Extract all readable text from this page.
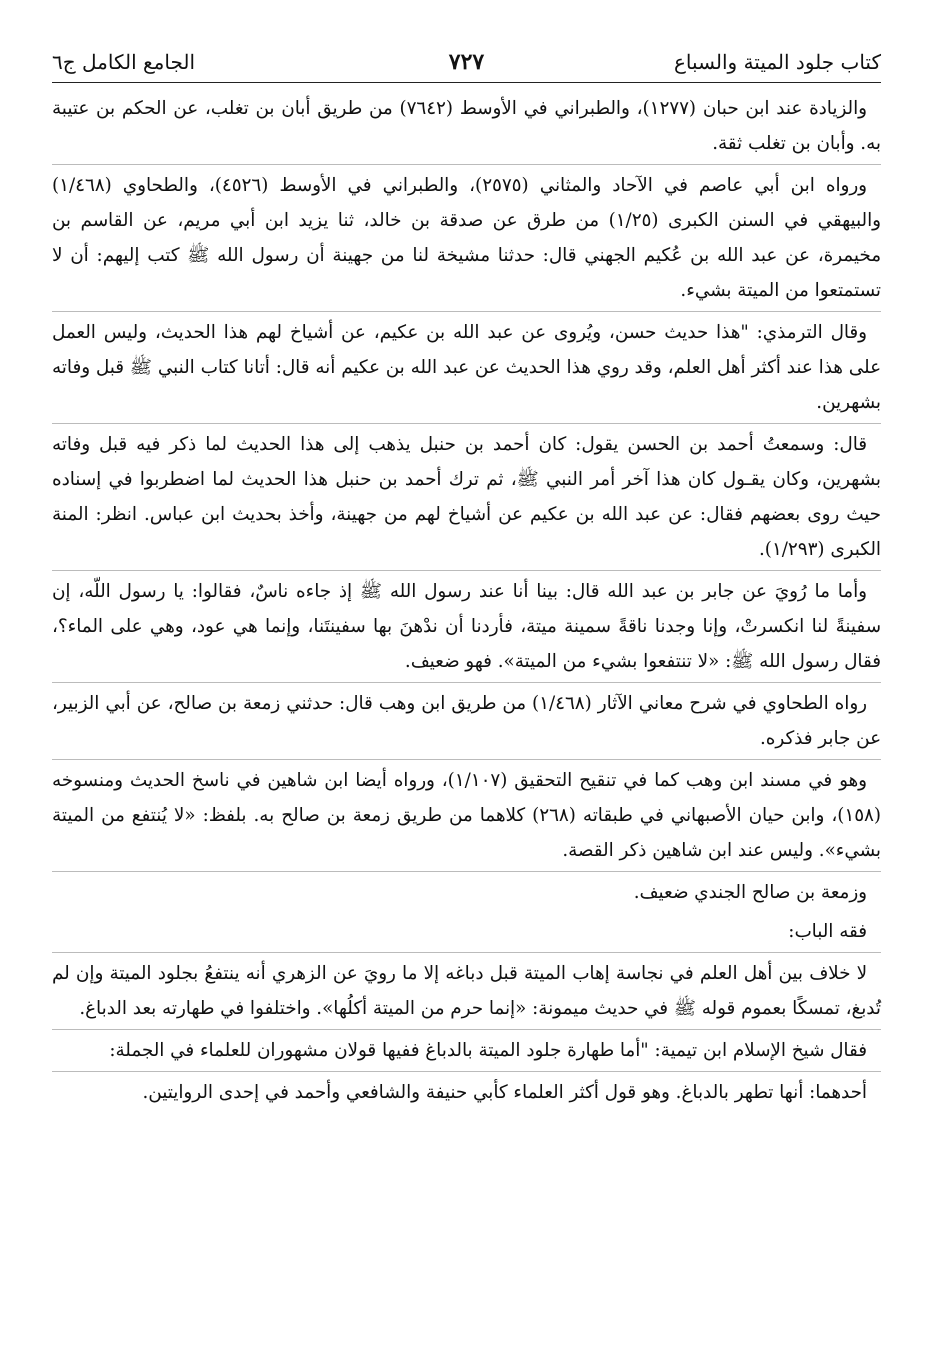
كتاب جلود الميتة والسباع
٧٢٧
الجامع الكامل ج٦

والزيادة عند ابن حبان (١٢٧٧)، والطبراني في الأوسط (٧٦٤٢) من طريق أبان بن تغلب، عن الحكم بن عتيبة به. وأبان بن تغلب ثقة.

ورواه ابن أبي عاصم في الآحاد والمثاني (٢٥٧٥)، والطبراني في الأوسط (٤٥٢٦)، والطحاوي (١/٤٦٨) والبيهقي في السنن الكبرى (١/٢٥) من طرق عن صدقة بن خالد، ثنا يزيد ابن أبي مريم، عن القاسم بن مخيمرة، عن عبد الله بن عُكيم الجهني قال: حدثنا مشيخة لنا من جهينة أن رسول الله ﷺ كتب إليهم: أن لا تستمتعوا من الميتة بشيء.

وقال الترمذي: "هذا حديث حسن، ويُروى عن عبد الله بن عكيم، عن أشياخ لهم هذا الحديث، وليس العمل على هذا عند أكثر أهل العلم، وقد روي هذا الحديث عن عبد الله بن عكيم أنه قال: أتانا كتاب النبي ﷺ قبل وفاته بشهرين.

قال: وسمعتُ أحمد بن الحسن يقول: كان أحمد بن حنبل يذهب إلى هذا الحديث لما ذكر فيه قبل وفاته بشهرين، وكان يقـول كان هذا آخر أمر النبي ﷺ، ثم ترك أحمد بن حنبل هذا الحديث لما اضطربوا في إسناده حيث روى بعضهم فقال: عن عبد الله بن عكيم عن أشياخ لهم من جهينة، وأخذ بحديث ابن عباس. انظر: المنة الكبرى (١/٢٩٣).

وأما ما رُويَ عن جابر بن عبد الله قال: بينا أنا عند رسول الله ﷺ إذ جاءه ناسٌ، فقالوا: يا رسول اللّه، إن سفينةً لنا انكسرتْ، وإنا وجدنا ناقةً سمينة ميتة، فأردنا أن ندْهنَ بها سفينتَنا، وإنما هي عود، وهي على الماء؟، فقال رسول الله ﷺ: «لا تنتفعوا بشيء من الميتة». فهو ضعيف.

رواه الطحاوي في شرح معاني الآثار (١/٤٦٨) من طريق ابن وهب قال: حدثني زمعة بن صالح، عن أبي الزبير، عن جابر فذكره.

وهو في مسند ابن وهب كما في تنقيح التحقيق (١/١٠٧)، ورواه أيضا ابن شاهين في ناسخ الحديث ومنسوخه (١٥٨)، وابن حيان الأصبهاني في طبقاته (٢٦٨) كلاهما من طريق زمعة بن صالح به. بلفظ: «لا يُنتفع من الميتة بشيء». وليس عند ابن شاهين ذكر القصة.

وزمعة بن صالح الجندي ضعيف.

فقه الباب:

لا خلاف بين أهل العلم في نجاسة إهاب الميتة قبل دباغه إلا ما رويَ عن الزهري أنه ينتفعُ بجلود الميتة وإن لم تُدبغ، تمسكًا بعموم قوله ﷺ في حديث ميمونة: «إنما حرم من الميتة أكلُها». واختلفوا في طهارته بعد الدباغ.

فقال شيخ الإسلام ابن تيمية: "أما طهارة جلود الميتة بالدباغ ففيها قولان مشهوران للعلماء في الجملة:

أحدهما: أنها تطهر بالدباغ. وهو قول أكثر العلماء كأبي حنيفة والشافعي وأحمد في إحدى الروايتين.
